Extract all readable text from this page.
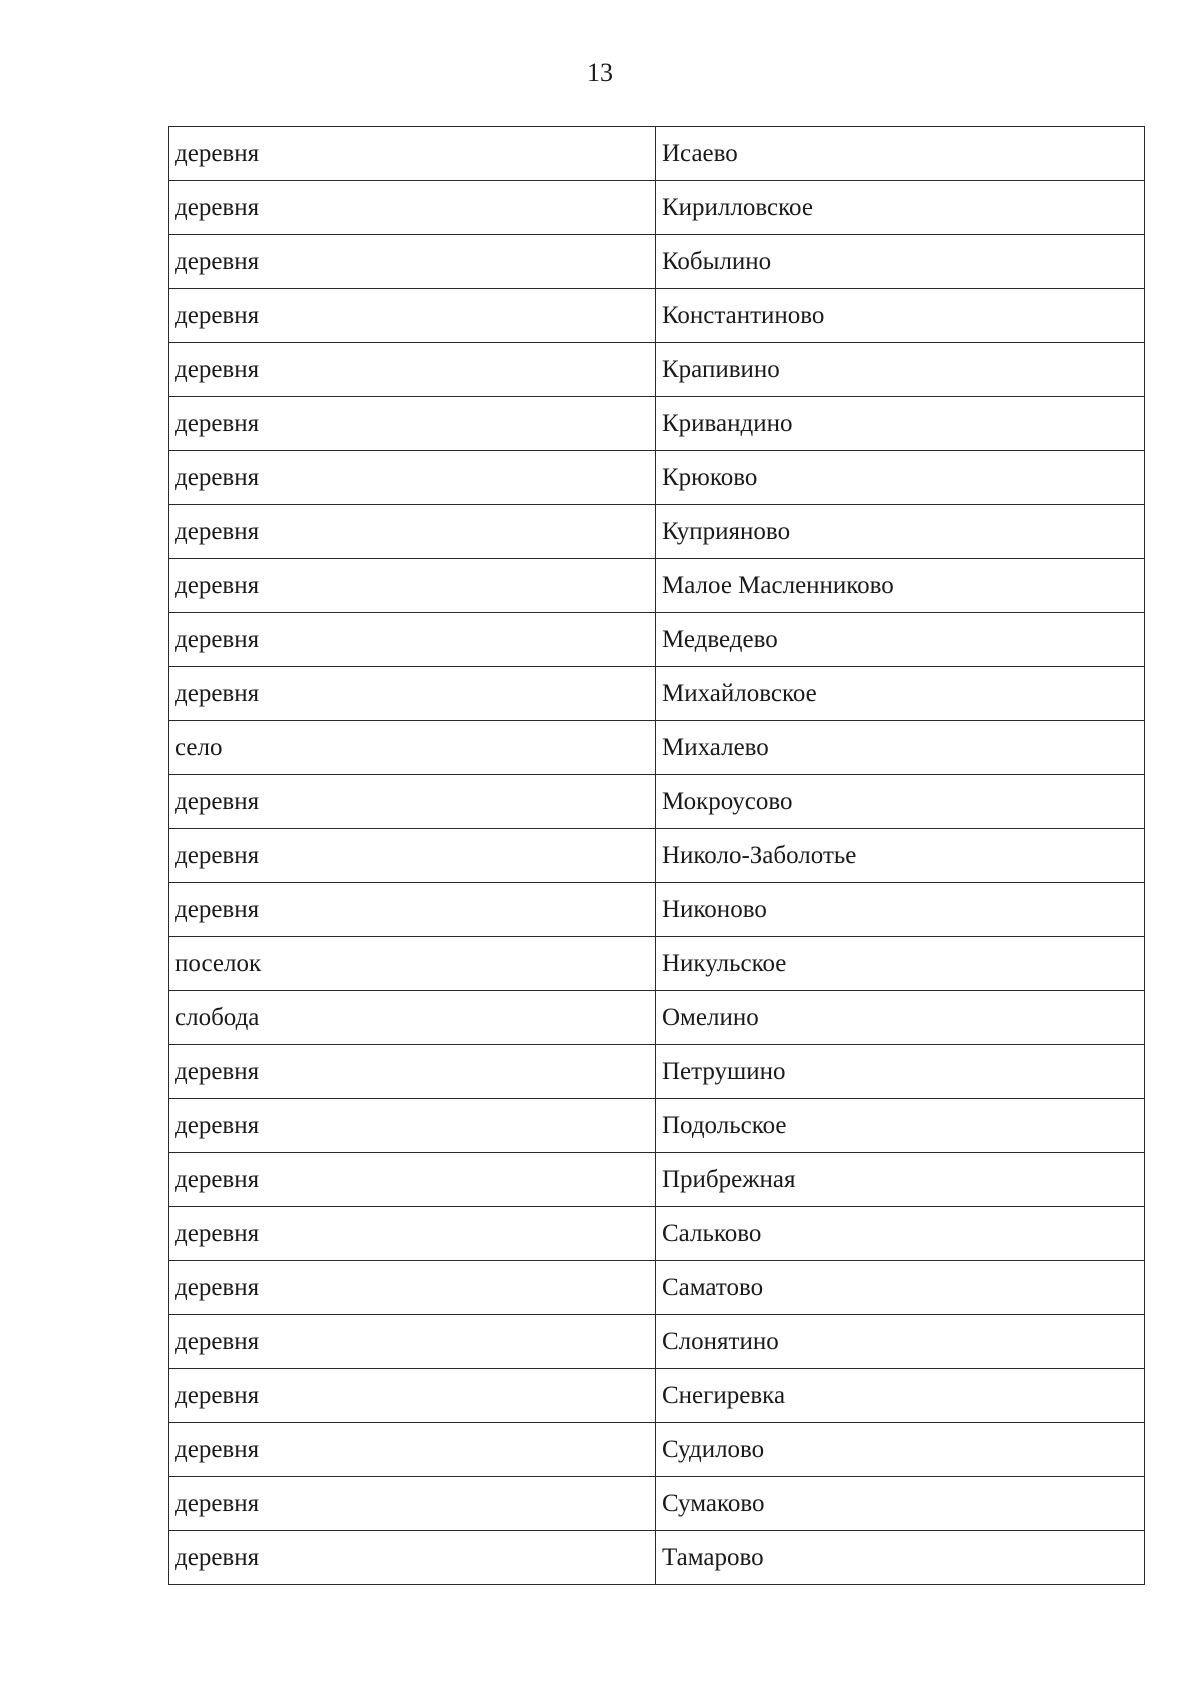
13
деревня	Исаево
деревня	Кирилловское
деревня	Кобылино
деревня	Константиново
деревня	Крапивино
деревня	Кривандино
деревня	Крюково
деревня	Куприяново
деревня	Малое Масленниково
деревня	Медведево
деревня	Михайловское
село	Михалево
деревня	Мокроусово
деревня	Николо-Заболотье
деревня	Никоново
поселок	Никульское
слобода	Омелино
деревня	Петрушино
деревня	Подольское
деревня	Прибрежная
деревня	Сальково
деревня	Саматово
деревня	Слонятино
деревня	Снегиревка
деревня	Судилово
деревня	Сумаково
деревня	Тамарово
